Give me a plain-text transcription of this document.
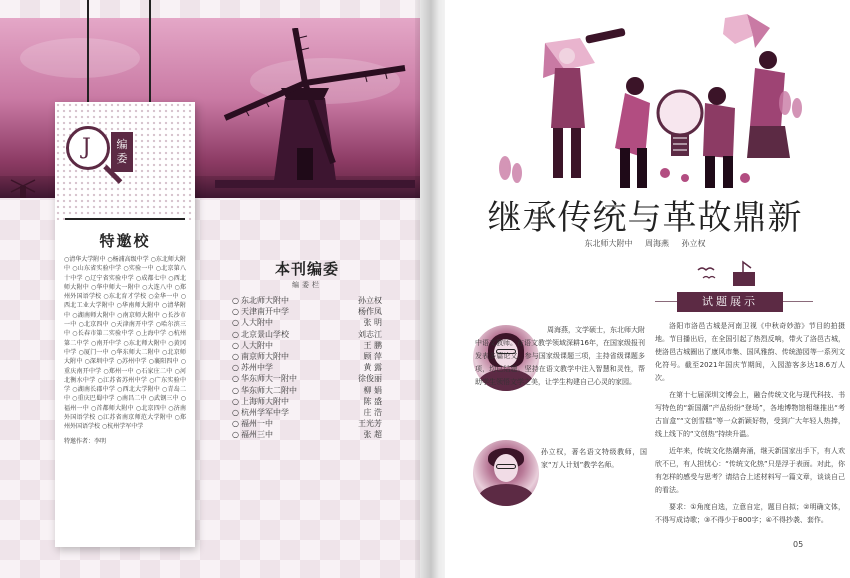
J 编
委
特邀校
○清华大学附中 ○杨浦高级中学 ○东北师大附中 ○山东省实验中学 ○实验一中 ○北京第八十中学 ○辽宁省实验中学 ○成都七中 ○西北师大附中 ○华中师大一附中 ○大连八中 ○郑州外国语学校 ○东北育才学校 ○金华一中 ○西北工业大学附中 ○华南师大附中 ○清华附中 ○湖南师大附中 ○南京师大附中 ○长沙市一中 ○北京四中 ○天津南开中学 ○哈尔滨三中 ○长春市第二实验中学 ○上海中学 ○杭州第二中学 ○南开中学 ○东北师大附中 ○黄冈中学 ○厦门一中 ○华东师大二附中 ○北京师大附中 ○深圳中学 ○苏州中学 ○襄阳四中 ○重庆南开中学 ○郑州一中 ○石家庄二中 ○河北衡水中学 ○江苏省苏州中学 ○广东实验中学 ○湖南长郡中学 ○西北大学附中 ○青岛二中 ○重庆巴蜀中学 ○南昌二中 ○武钢三中 ○福州一中 ○首都师大附中 ○北京四中 ○济南外国语学校 ○江苏省南京师范大学附中 ○郑州外国语学校 ○杭州学军中学
特邀作者：李明
本刊编委
编委栏
○ 东北师大附中	孙立权
○ 天津南开中学	杨作凤
○ 人大附中	张 明
○ 北京景山学校	刘志江
○ 人大附中	王 鹏
○ 南京师大附中	顾 萍
○ 苏州中学	黄 露
○ 华东师大一附中	徐俊丽
○ 华东师大二附中	柳 娟
○ 上海师大附中	陈 盛
○ 杭州学军中学	庄 浩
○ 福州一中	王光芳
○ 福州三中	张 超
继承传统与革故鼎新
东北师大附中 周海燕 孙立权
试题展示
周海燕，文学硕士，东北师大附中语文教师。在语文教学领域深耕16年，在国家级报刊发表多篇论文，参与国家级课题三项，主持省级课题多项，均已结题。坚持在语文教学中注入智慧和灵性，帮助学生领悟文学之美，让学生构建自己心灵的家园。
孙立权，著名语文特级教师，国家“万人计划”教学名师。

洛阳市洛邑古城是河南卫视《中秋奇妙游》节目的拍摄地。节目播出后，在全国引起了热烈反响，带火了洛邑古城，使洛邑古城圈出了康风市集、国风雅韵、传统游园等一系列文化符号。截至2021年国庆节期间，入园游客多达18.6万人次。

在第十七届深圳文博会上，融合传统文化与现代科技、书写特色的“新国潮”产品纷纷“登场”，各地博物馆相继推出“考古盲盒”“文创雪糕”等一众新颖好物，受到广大年轻人热捧，线上线下的“文创热”持续升温。

近年来，传统文化热潮奔涌，继天新国家出手下，有人欢欣不已，有人担忧心：“传统文化热”只是浮于表面。对此，你有怎样的感受与思考？请结合上述材料写一篇文章，谈谈自己的看法。

要求：①角度自选，立意自定，题目自拟；②明确文体，不得写成诗歌；③不得少于800字；④不得抄袭、套作。

05
